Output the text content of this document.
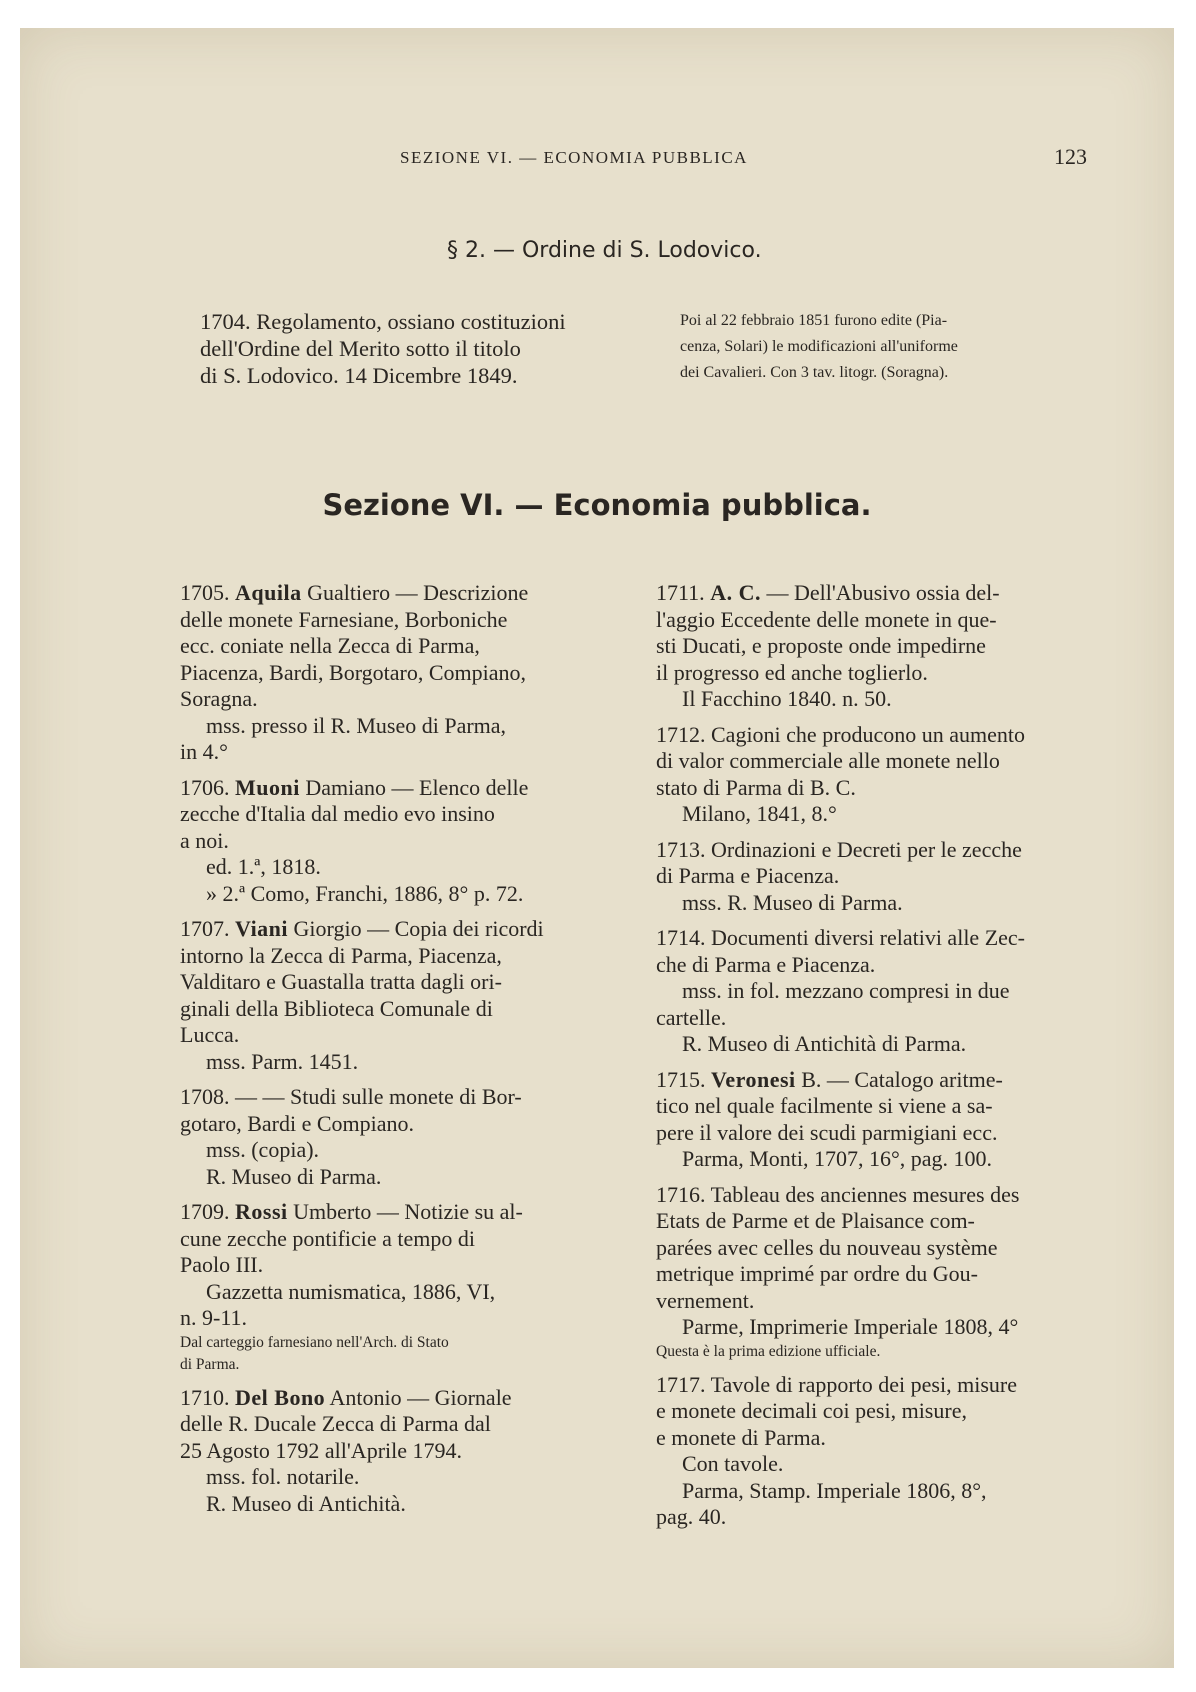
SEZIONE VI. — ECONOMIA PUBBLICA	123
§ 2. — Ordine di S. Lodovico.
1704. Regolamento, ossiano costituzioni
dell'Ordine del Merito sotto il titolo
di S. Lodovico. 14 Dicembre 1849.
Poi al 22 febbraio 1851 furono edite (Pia-
cenza, Solari) le modificazioni all'uniforme
dei Cavalieri. Con 3 tav. litogr. (Soragna).
Sezione VI. — Economia pubblica.
1705. Aquila Gualtiero — Descrizione
delle monete Farnesiane, Borboniche
ecc. coniate nella Zecca di Parma,
Piacenza, Bardi, Borgotaro, Compiano,
Soragna.
mss. presso il R. Museo di Parma,
in 4.°
1706. Muoni Damiano — Elenco delle
zecche d'Italia dal medio evo insino
a noi.
ed. 1.ª, 1818.
» 2.ª Como, Franchi, 1886, 8° p. 72.
1707. Viani Giorgio — Copia dei ricordi
intorno la Zecca di Parma, Piacenza,
Valditaro e Guastalla tratta dagli ori-
ginali della Biblioteca Comunale di
Lucca.
mss. Parm. 1451.
1708. — — Studi sulle monete di Bor-
gotaro, Bardi e Compiano.
mss. (copia).
R. Museo di Parma.
1709. Rossi Umberto — Notizie su al-
cune zecche pontificie a tempo di
Paolo III.
Gazzetta numismatica, 1886, VI,
n. 9-11.
Dal carteggio farnesiano nell'Arch. di Stato
di Parma.
1710. Del Bono Antonio — Giornale
delle R. Ducale Zecca di Parma dal
25 Agosto 1792 all'Aprile 1794.
mss. fol. notarile.
R. Museo di Antichità.
1711. A. C. — Dell'Abusivo ossia del-
l'aggio Eccedente delle monete in que-
sti Ducati, e proposte onde impedirne
il progresso ed anche toglierlo.
Il Facchino 1840. n. 50.
1712. Cagioni che producono un aumento
di valor commerciale alle monete nello
stato di Parma di B. C.
Milano, 1841, 8.°
1713. Ordinazioni e Decreti per le zecche
di Parma e Piacenza.
mss. R. Museo di Parma.
1714. Documenti diversi relativi alle Zec-
che di Parma e Piacenza.
mss. in fol. mezzano compresi in due
cartelle.
R. Museo di Antichità di Parma.
1715. Veronesi B. — Catalogo aritme-
tico nel quale facilmente si viene a sa-
pere il valore dei scudi parmigiani ecc.
Parma, Monti, 1707, 16°, pag. 100.
1716. Tableau des anciennes mesures des
Etats de Parme et de Plaisance com-
parées avec celles du nouveau système
metrique imprimé par ordre du Gou-
vernement.
Parme, Imprimerie Imperiale 1808, 4°
Questa è la prima edizione ufficiale.
1717. Tavole di rapporto dei pesi, misure
e monete decimali coi pesi, misure,
e monete di Parma.
Con tavole.
Parma, Stamp. Imperiale 1806, 8°,
pag. 40.
